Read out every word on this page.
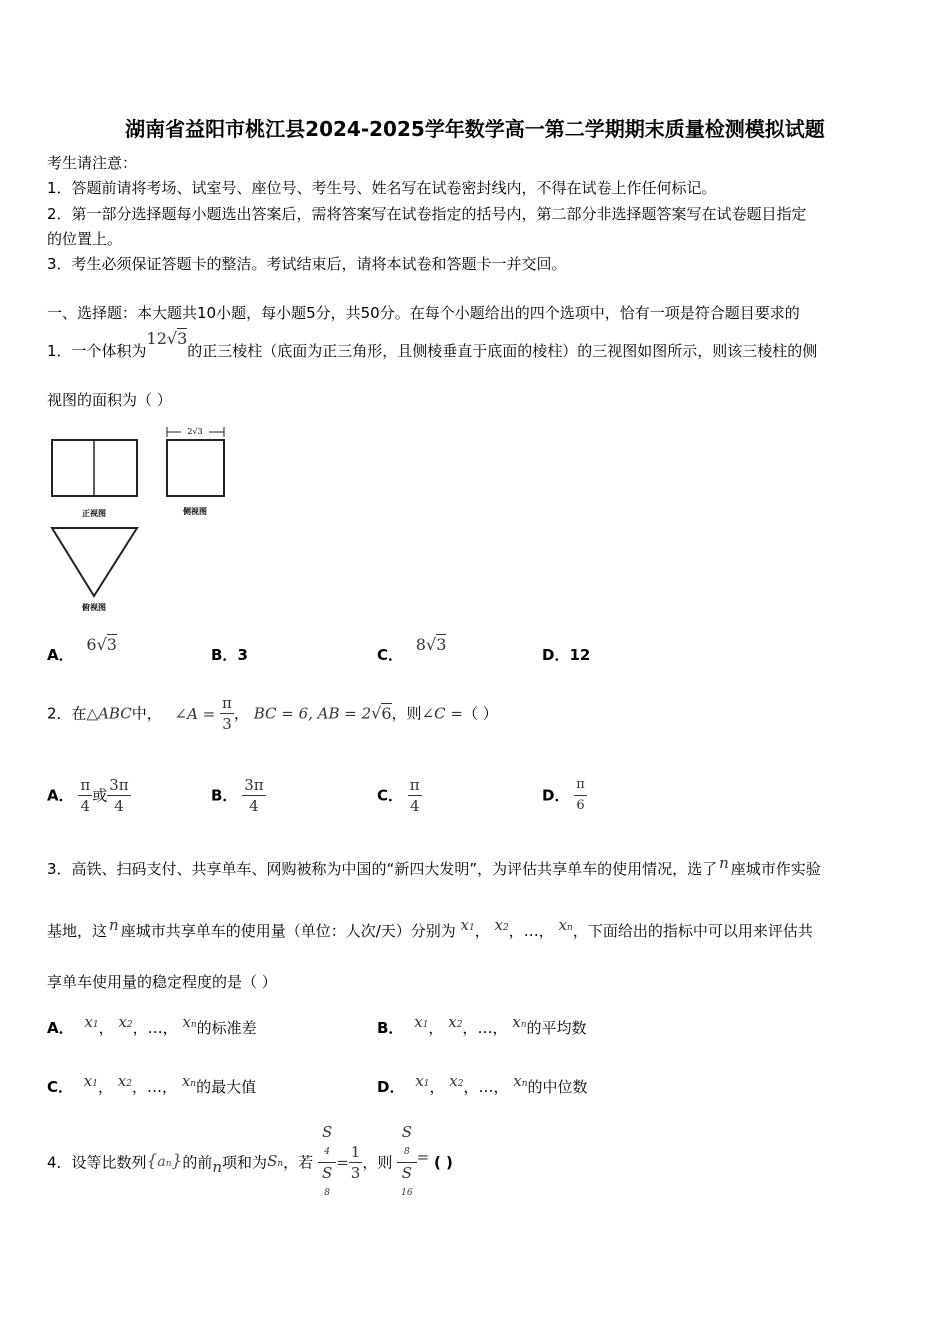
湖南省益阳市桃江县2024-2025学年数学高一第二学期期末质量检测模拟试题
考生请注意：
1．答题前请将考场、试室号、座位号、考生号、姓名写在试卷密封线内，不得在试卷上作任何标记。
2．第一部分选择题每小题选出答案后，需将答案写在试卷指定的括号内，第二部分非选择题答案写在试卷题目指定
的位置上。
3．考生必须保证答题卡的整洁。考试结束后，请将本试卷和答题卡一并交回。
一、选择题：本大题共10小题，每小题5分，共50分。在每个小题给出的四个选项中，恰有一项是符合题目要求的
1．一个体积为12√3的正三棱柱（底面为正三角形，且侧棱垂直于底面的棱柱）的三视图如图所示，则该三棱柱的侧
视图的面积为（ ）
正视图
2√3
侧视图
俯视图
A． 6√3
B．3	C． 8√3
D．12
2．在△ABC中， ∠A = $\frac{\pi}{3}$ ， BC = 6, AB = 2√6，则∠C =（ ）
A． $\frac{\pi}{4}$ 或 $\frac{3\pi}{4}$	B． $\frac{3\pi}{4}$	C． $\frac{\pi}{4}$	D． $\frac{\pi}{6}$
3．高铁、扫码支付、共享单车、网购被称为中国的“新四大发明”，为评估共享单车的使用情况，选了 n 座城市作实验
基地，这 n 座城市共享单车的使用量（单位：人次/天）分别为 x1， x2，…， xn，下面给出的指标中可以用来评估共
享单车使用量的稳定程度的是（ ）
A． x1， x2，…， xn的标准差	B． x1， x2，…， xn的平均数
C． x1， x2，…， xn的最大值	D． x1， x2，…， xn的中位数
4．设等比数列{an}的前n项和为Sn，若 S
4
S
$8 = \frac{1}{3}$ ，则 S
8
S
16 = ( )
